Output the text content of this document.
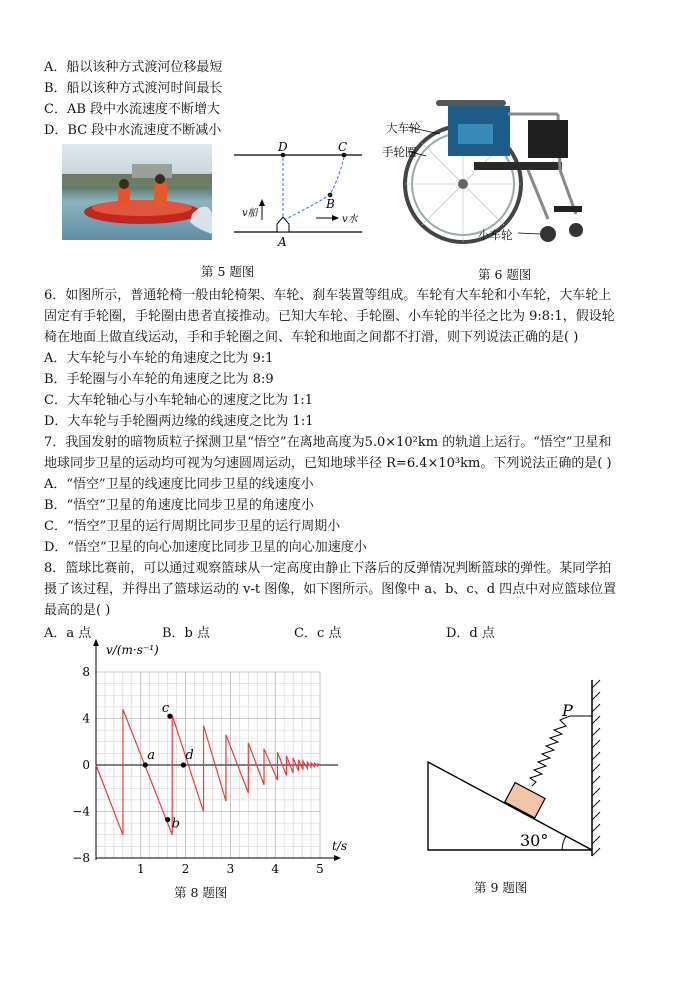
A．船以该种方式渡河位移最短
B．船以该种方式渡河时间最长
C．AB 段中水流速度不断增大
D．BC 段中水流速度不断减小
D	C
B
A
v船
v水
第 5 题图
大车轮
手轮圈
小车轮
第 6 题图
6．如图所示，普通轮椅一般由轮椅架、车轮、刹车装置等组成。车轮有大车轮和小车轮，大车轮上
固定有手轮圈，手轮圈由患者直接推动。已知大车轮、手轮圈、小车轮的半径之比为 9:8:1，假设轮
椅在地面上做直线运动，手和手轮圈之间、车轮和地面之间都不打滑，则下列说法正确的是( )
A．大车轮与小车轮的角速度之比为 9:1
B．手轮圈与小车轮的角速度之比为 8:9
C．大车轮轴心与小车轮轴心的速度之比为 1:1
D．大车轮与手轮圈两边缘的线速度之比为 1:1
7．我国发射的暗物质粒子探测卫星“悟空”在离地高度为5.0×10²km 的轨道上运行。“悟空”卫星和
地球同步卫星的运动均可视为匀速圆周运动，已知地球半径 R=6.4×10³km。下列说法正确的是( )
A．“悟空”卫星的线速度比同步卫星的线速度小
B．“悟空”卫星的角速度比同步卫星的角速度小
C．“悟空”卫星的运行周期比同步卫星的运行周期小
D．“悟空”卫星的向心加速度比同步卫星的向心加速度小
8．篮球比赛前，可以通过观察篮球从一定高度由静止下落后的反弹情况判断篮球的弹性。某同学拍
摄了该过程，并得出了篮球运动的 v-t 图像，如下图所示。图像中 a、b、c、d 四点中对应篮球位置
最高的是( )
A．a 点	B．b 点	C．c 点	D．d 点
8
4
0
−4
−8
1	2	3	4	5
a
b
c
d
v/(m·s⁻¹)
t/s
第 8 题图
P
30°
第 9 题图
